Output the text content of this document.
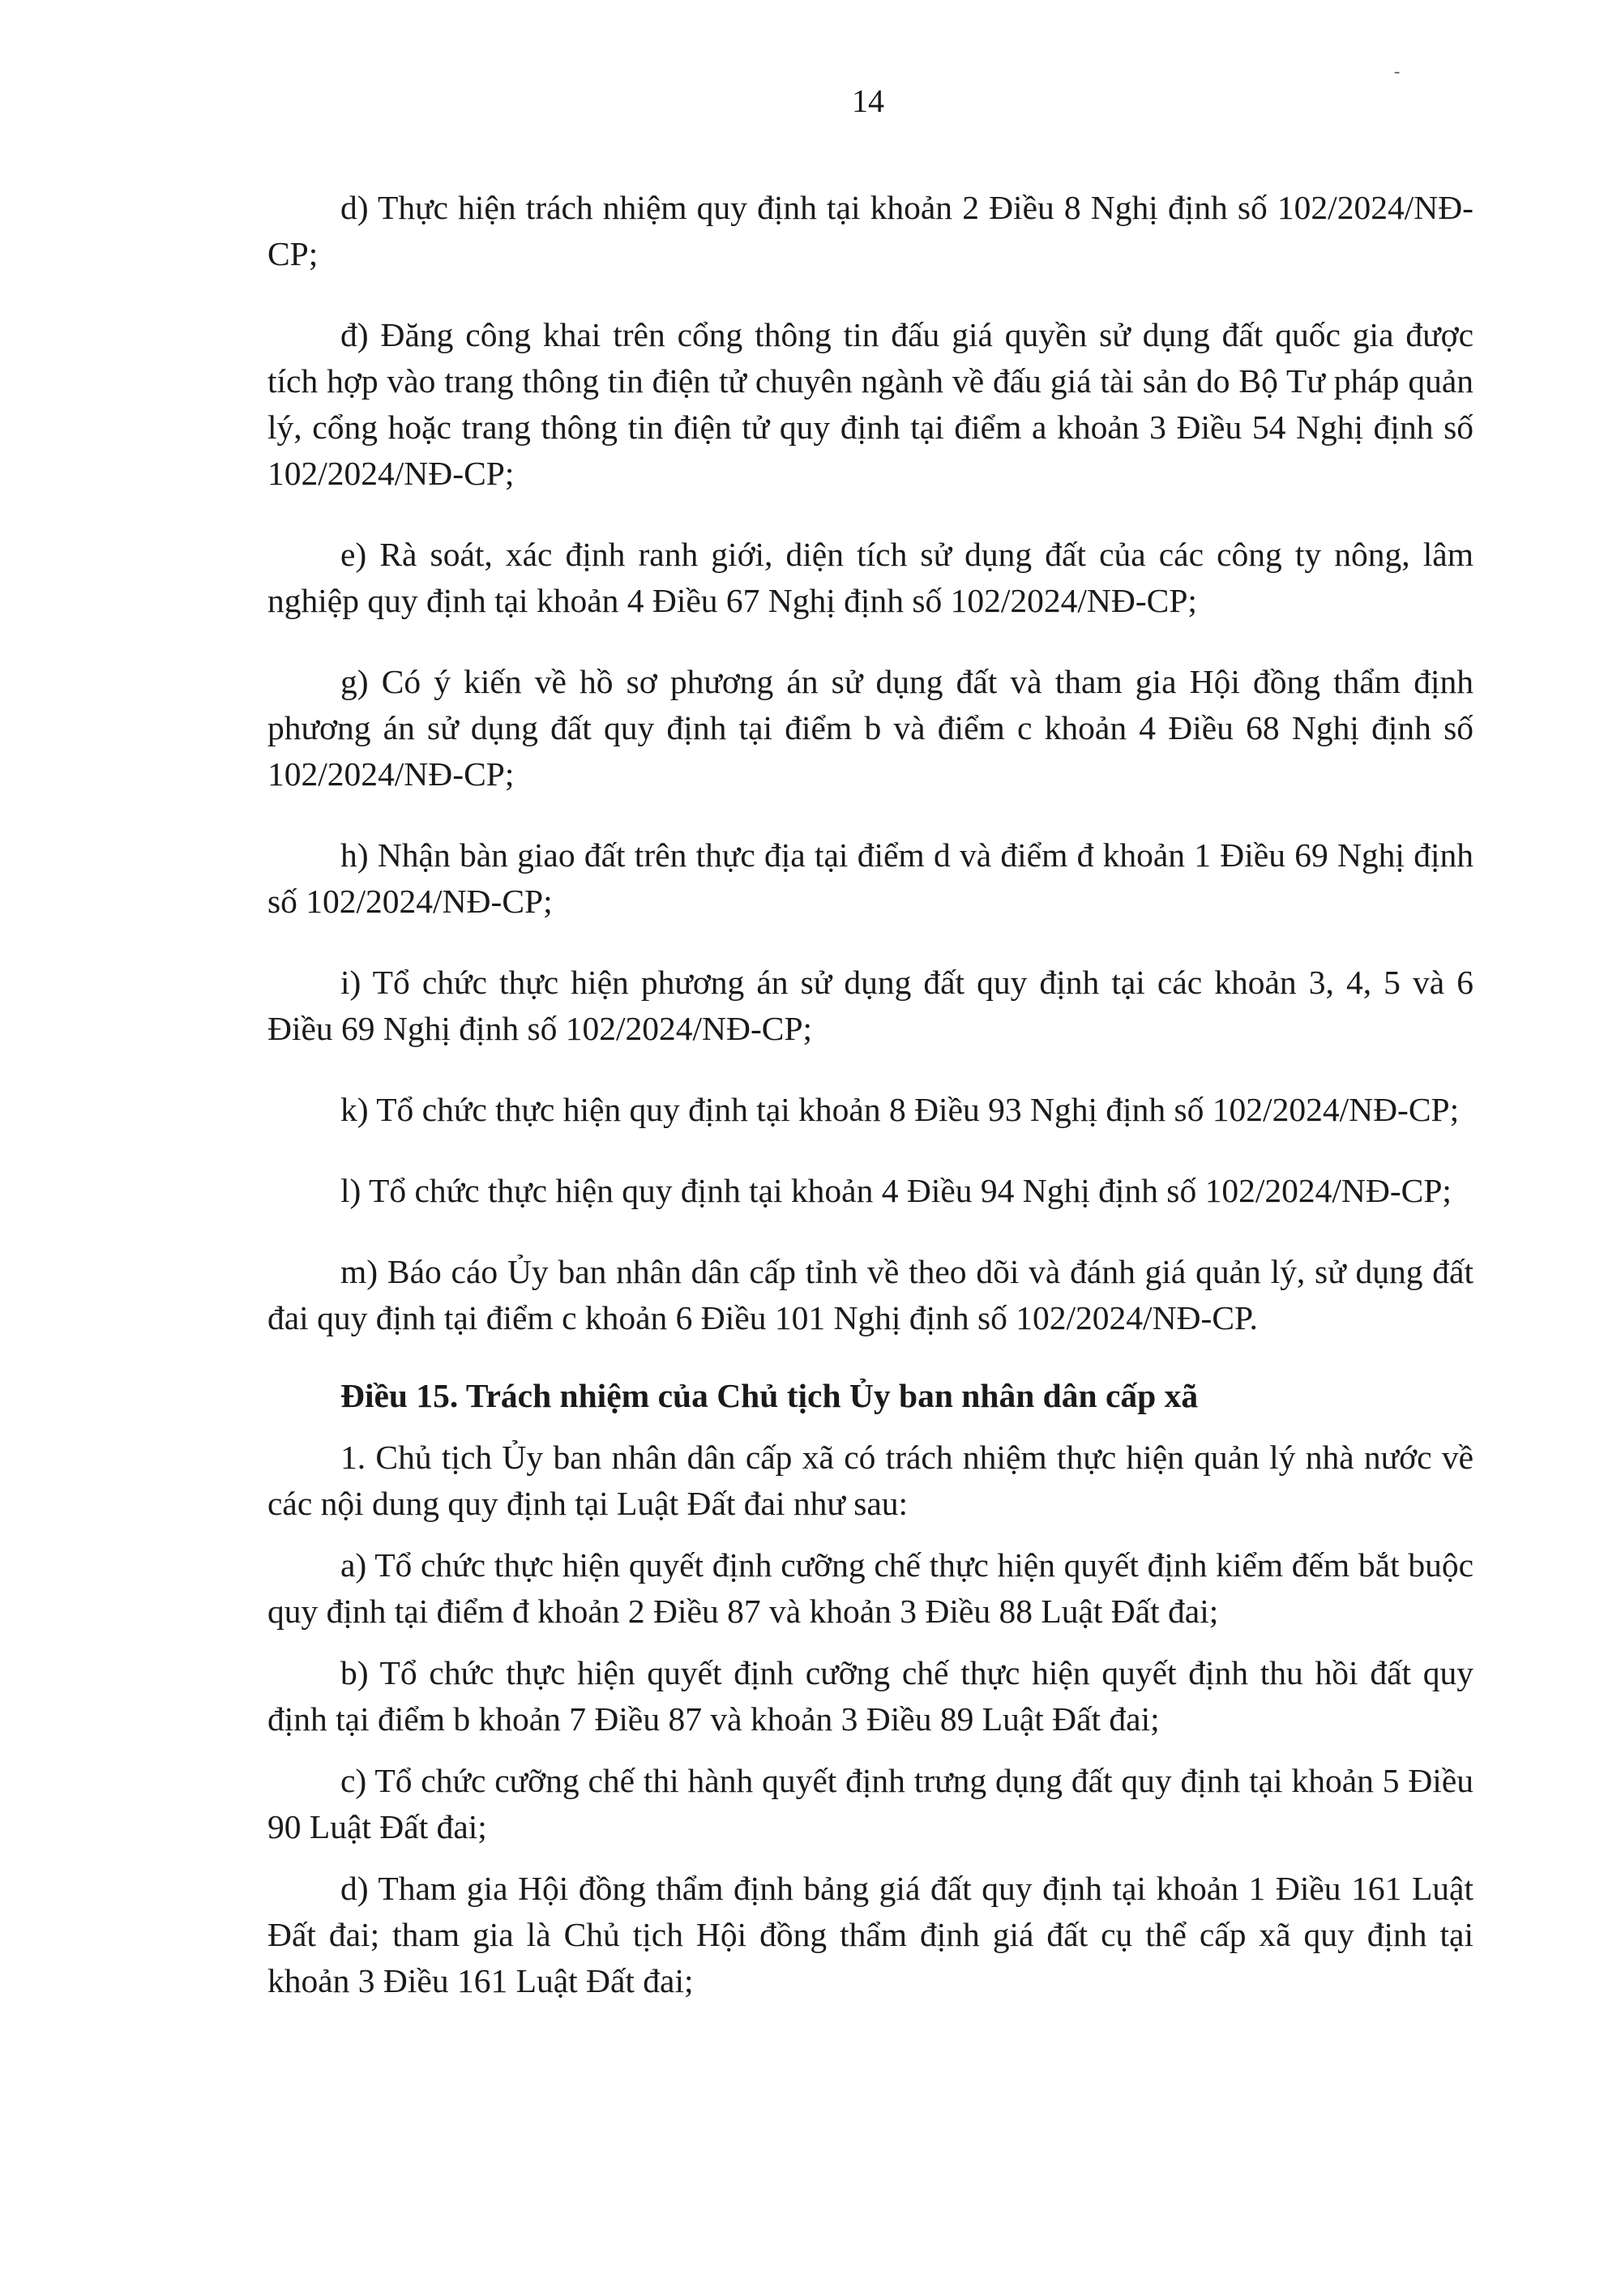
14
-

d) Thực hiện trách nhiệm quy định tại khoản 2 Điều 8 Nghị định số 102/2024/NĐ-CP;

đ) Đăng công khai trên cổng thông tin đấu giá quyền sử dụng đất quốc gia được tích hợp vào trang thông tin điện tử chuyên ngành về đấu giá tài sản do Bộ Tư pháp quản lý, cổng hoặc trang thông tin điện tử quy định tại điểm a khoản 3 Điều 54 Nghị định số 102/2024/NĐ-CP;

e) Rà soát, xác định ranh giới, diện tích sử dụng đất của các công ty nông, lâm nghiệp quy định tại khoản 4 Điều 67 Nghị định số 102/2024/NĐ-CP;

g) Có ý kiến về hồ sơ phương án sử dụng đất và tham gia Hội đồng thẩm định phương án sử dụng đất quy định tại điểm b và điểm c khoản 4 Điều 68 Nghị định số 102/2024/NĐ-CP;

h) Nhận bàn giao đất trên thực địa tại điểm d và điểm đ khoản 1 Điều 69 Nghị định số 102/2024/NĐ-CP;

i) Tổ chức thực hiện phương án sử dụng đất quy định tại các khoản 3, 4, 5 và 6 Điều 69 Nghị định số 102/2024/NĐ-CP;

k) Tổ chức thực hiện quy định tại khoản 8 Điều 93 Nghị định số 102/2024/NĐ-CP;

l) Tổ chức thực hiện quy định tại khoản 4 Điều 94 Nghị định số 102/2024/NĐ-CP;

m) Báo cáo Ủy ban nhân dân cấp tỉnh về theo dõi và đánh giá quản lý, sử dụng đất đai quy định tại điểm c khoản 6 Điều 101 Nghị định số 102/2024/NĐ-CP.

Điều 15. Trách nhiệm của Chủ tịch Ủy ban nhân dân cấp xã

1. Chủ tịch Ủy ban nhân dân cấp xã có trách nhiệm thực hiện quản lý nhà nước về các nội dung quy định tại Luật Đất đai như sau:

a) Tổ chức thực hiện quyết định cưỡng chế thực hiện quyết định kiểm đếm bắt buộc quy định tại điểm đ khoản 2 Điều 87 và khoản 3 Điều 88 Luật Đất đai;

b) Tổ chức thực hiện quyết định cưỡng chế thực hiện quyết định thu hồi đất quy định tại điểm b khoản 7 Điều 87 và khoản 3 Điều 89 Luật Đất đai;

c) Tổ chức cưỡng chế thi hành quyết định trưng dụng đất quy định tại khoản 5 Điều 90 Luật Đất đai;

d) Tham gia Hội đồng thẩm định bảng giá đất quy định tại khoản 1 Điều 161 Luật Đất đai; tham gia là Chủ tịch Hội đồng thẩm định giá đất cụ thể cấp xã quy định tại khoản 3 Điều 161 Luật Đất đai;
